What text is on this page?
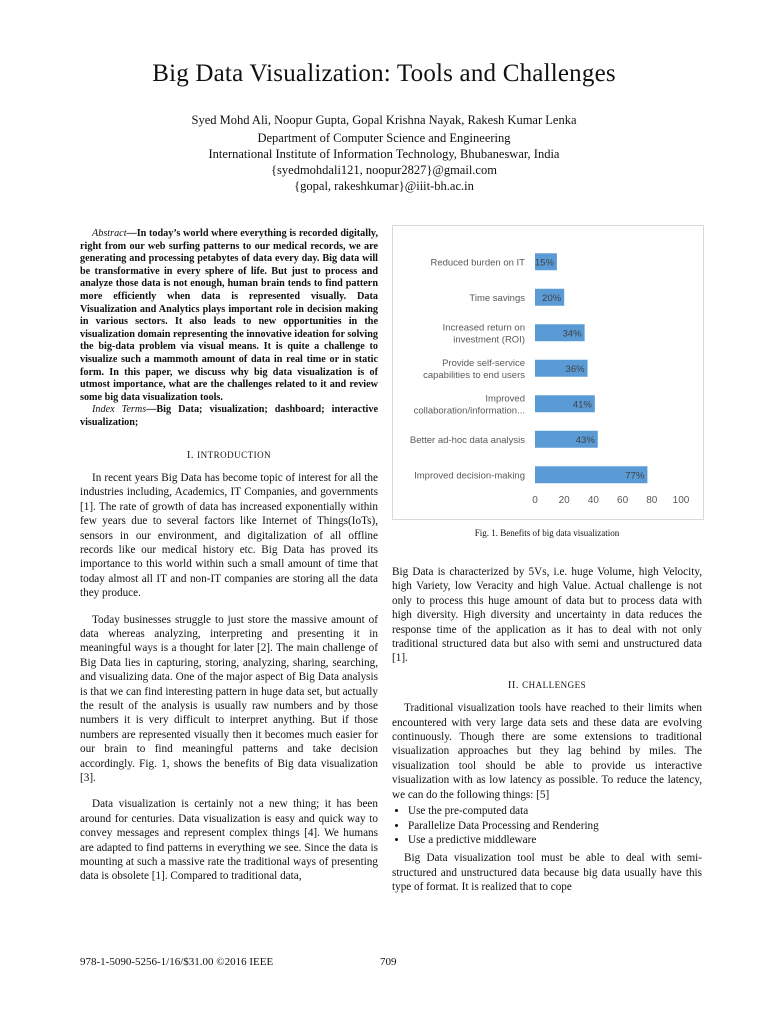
Big Data Visualization: Tools and Challenges
Syed Mohd Ali, Noopur Gupta, Gopal Krishna Nayak, Rakesh Kumar Lenka
Department of Computer Science and Engineering
International Institute of Information Technology, Bhubaneswar, India
{syedmohdali121, noopur2827}@gmail.com
{gopal, rakeshkumar}@iiit-bh.ac.in

Abstract—In today’s world where everything is recorded digitally, right from our web surfing patterns to our medical records, we are generating and processing petabytes of data every day. Big data will be transformative in every sphere of life. But just to process and analyze those data is not enough, human brain tends to find pattern more efficiently when data is represented visually. Data Visualization and Analytics plays important role in decision making in various sectors. It also leads to new opportunities in the visualization domain representing the innovative ideation for solving the big-data problem via visual means. It is quite a challenge to visualize such a mammoth amount of data in real time or in static form. In this paper, we discuss why big data visualization is of utmost importance, what are the challenges related to it and review some big data visualization tools.

Index Terms—Big Data; visualization; dashboard; interactive visualization;

I. INTRODUCTION

In recent years Big Data has become topic of interest for all the industries including, Academics, IT Companies, and governments [1]. The rate of growth of data has increased exponentially within few years due to several factors like Internet of Things(IoTs), sensors in our environment, and digitalization of all offline records like our medical history etc. Big Data has proved its importance to this world within such a small amount of time that today almost all IT and non-IT companies are storing all the data they produce.

Today businesses struggle to just store the massive amount of data whereas analyzing, interpreting and presenting it in meaningful ways is a thought for later [2]. The main challenge of Big Data lies in capturing, storing, analyzing, sharing, searching, and visualizing data. One of the major aspect of Big Data analysis is that we can find interesting pattern in huge data set, but actually the result of the analysis is usually raw numbers and by those numbers it is very difficult to interpret anything. But if those numbers are represented visually then it becomes much easier for our brain to find meaningful patterns and take decision accordingly. Fig. 1, shows the benefits of Big data visualization [3].

Data visualization is certainly not a new thing; it has been around for centuries. Data visualization is easy and quick way to convey messages and represent complex things [4]. We humans are adapted to find patterns in everything we see. Since the data is mounting at such a massive rate the traditional ways of presenting data is obsolete [1]. Compared to traditional data,

Reduced burden on IT 15%
Time savings 20%
Increased return on investment (ROI)
34%
Provide self-service capabilities to end users
36%
Improved collaboration/information...
41%
Better ad-hoc data analysis	43%
Improved decision-making	77%
0 20 40 60 80 100
Fig. 1. Benefits of big data visualization

Big Data is characterized by 5Vs, i.e. huge Volume, high Velocity, high Variety, low Veracity and high Value. Actual challenge is not only to process this huge amount of data but to process data with high diversity. High diversity and uncertainty in data reduces the response time of the application as it has to deal with not only traditional structured data but also with semi and unstructured data [1].

II. CHALLENGES

Traditional visualization tools have reached to their limits when encountered with very large data sets and these data are evolving continuously. Though there are some extensions to traditional visualization approaches but they lag behind by miles. The visualization tool should be able to provide us interactive visualization with as low latency as possible. To reduce the latency, we can do the following things: [5]

• Use the pre-computed data
• Parallelize Data Processing and Rendering
• Use a predictive middleware

Big Data visualization tool must be able to deal with semi-structured and unstructured data because big data usually have this type of format. It is realized that to cope

978-1-5090-5256-1/16/$31.00 ©2016 IEEE	709
